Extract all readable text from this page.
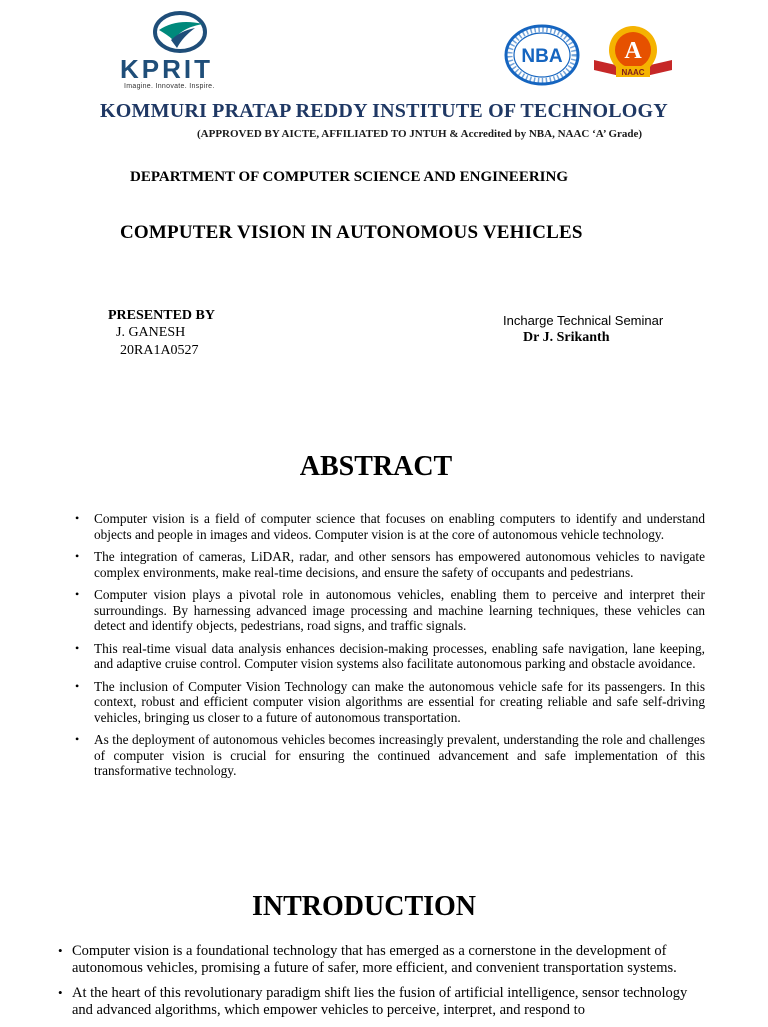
KPRIT
Imagine. Innovate. Inspire.
NBA	A
NAAC
KOMMURI PRATAP REDDY INSTITUTE OF TECHNOLOGY
(APPROVED BY AICTE, AFFILIATED TO JNTUH & Accredited by NBA, NAAC ‘A’ Grade)
DEPARTMENT OF COMPUTER SCIENCE AND ENGINEERING
COMPUTER VISION IN AUTONOMOUS VEHICLES
PRESENTED BY
J. GANESH
20RA1A0527
Incharge Technical Seminar
Dr J. Srikanth
ABSTRACT
• Computer vision is a field of computer science that focuses on enabling computers to identify and understand objects and people in images and videos. Computer vision is at the core of autonomous vehicle technology.
• The integration of cameras, LiDAR, radar, and other sensors has empowered autonomous vehicles to navigate complex environments, make real-time decisions, and ensure the safety of occupants and pedestrians.
• Computer vision plays a pivotal role in autonomous vehicles, enabling them to perceive and interpret their surroundings. By harnessing advanced image processing and machine learning techniques, these vehicles can detect and identify objects, pedestrians, road signs, and traffic signals.
• This real-time visual data analysis enhances decision-making processes, enabling safe navigation, lane keeping, and adaptive cruise control. Computer vision systems also facilitate autonomous parking and obstacle avoidance.
• The inclusion of Computer Vision Technology can make the autonomous vehicle safe for its passengers. In this context, robust and efficient computer vision algorithms are essential for creating reliable and safe self-driving vehicles, bringing us closer to a future of autonomous transportation.
• As the deployment of autonomous vehicles becomes increasingly prevalent, understanding the role and challenges of computer vision is crucial for ensuring the continued advancement and safe implementation of this transformative technology.
INTRODUCTION
• Computer vision is a foundational technology that has emerged as a cornerstone in the development of autonomous vehicles, promising a future of safer, more efficient, and convenient transportation systems.
• At the heart of this revolutionary paradigm shift lies the fusion of artificial intelligence, sensor technology and advanced algorithms, which empower vehicles to perceive, interpret, and respond to
